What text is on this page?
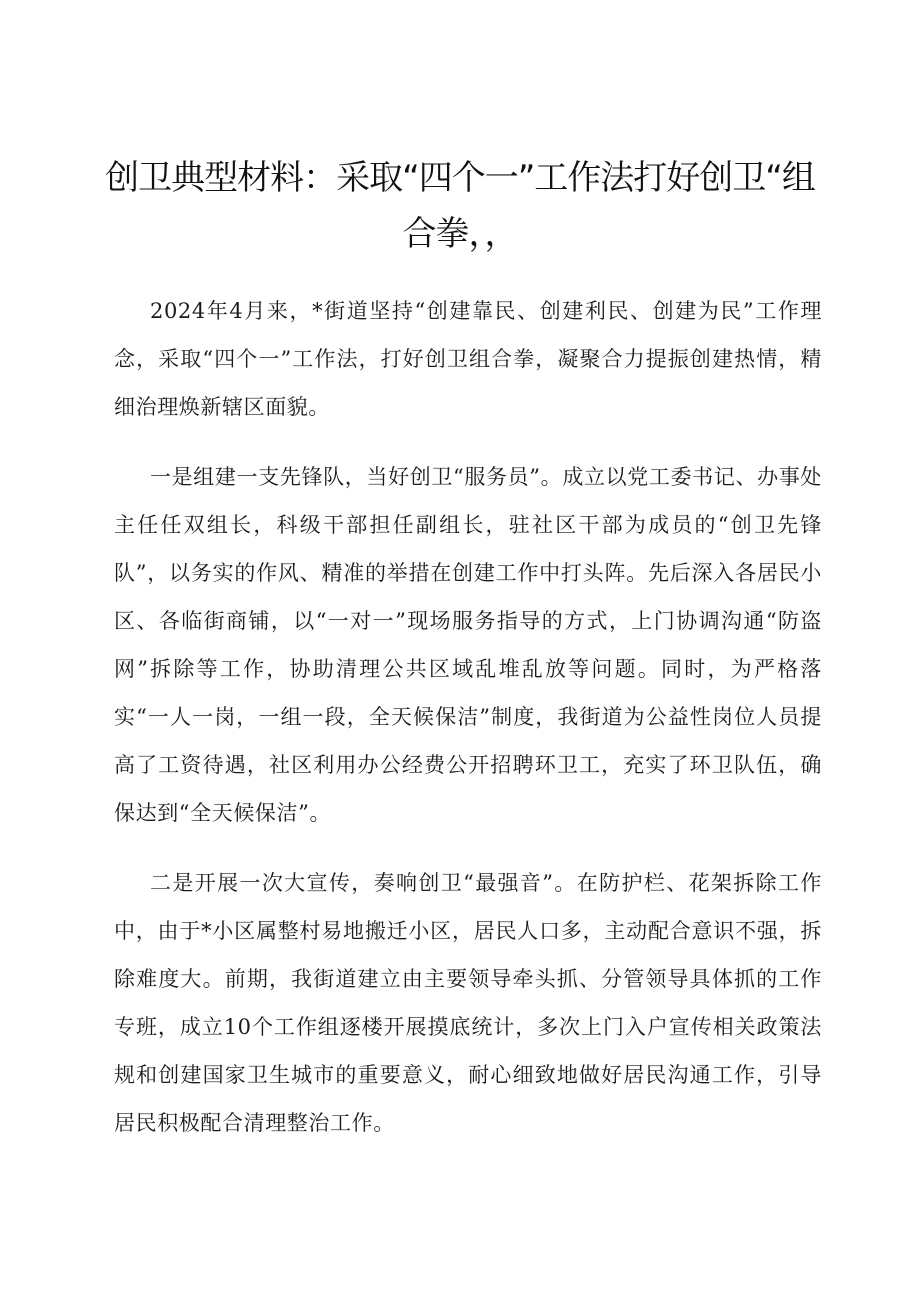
创卫典型材料：采取“四个一”工作法打好创卫“组合拳，，

2024年4月来，*街道坚持“创建靠民、创建利民、创建为民”工作理念，采取“四个一”工作法，打好创卫组合拳，凝聚合力提振创建热情，精细治理焕新辖区面貌。

一是组建一支先锋队，当好创卫“服务员”。成立以党工委书记、办事处主任任双组长，科级干部担任副组长，驻社区干部为成员的“创卫先锋队”，以务实的作风、精准的举措在创建工作中打头阵。先后深入各居民小区、各临街商铺，以“一对一”现场服务指导的方式，上门协调沟通“防盗网”拆除等工作，协助清理公共区域乱堆乱放等问题。同时，为严格落实“一人一岗，一组一段，全天候保洁”制度，我街道为公益性岗位人员提高了工资待遇，社区利用办公经费公开招聘环卫工，充实了环卫队伍，确保达到“全天候保洁”。

二是开展一次大宣传，奏响创卫“最强音”。在防护栏、花架拆除工作中，由于*小区属整村易地搬迁小区，居民人口多，主动配合意识不强，拆除难度大。前期，我街道建立由主要领导牵头抓、分管领导具体抓的工作专班，成立10个工作组逐楼开展摸底统计，多次上门入户宣传相关政策法规和创建国家卫生城市的重要意义，耐心细致地做好居民沟通工作，引导居民积极配合清理整治工作。
